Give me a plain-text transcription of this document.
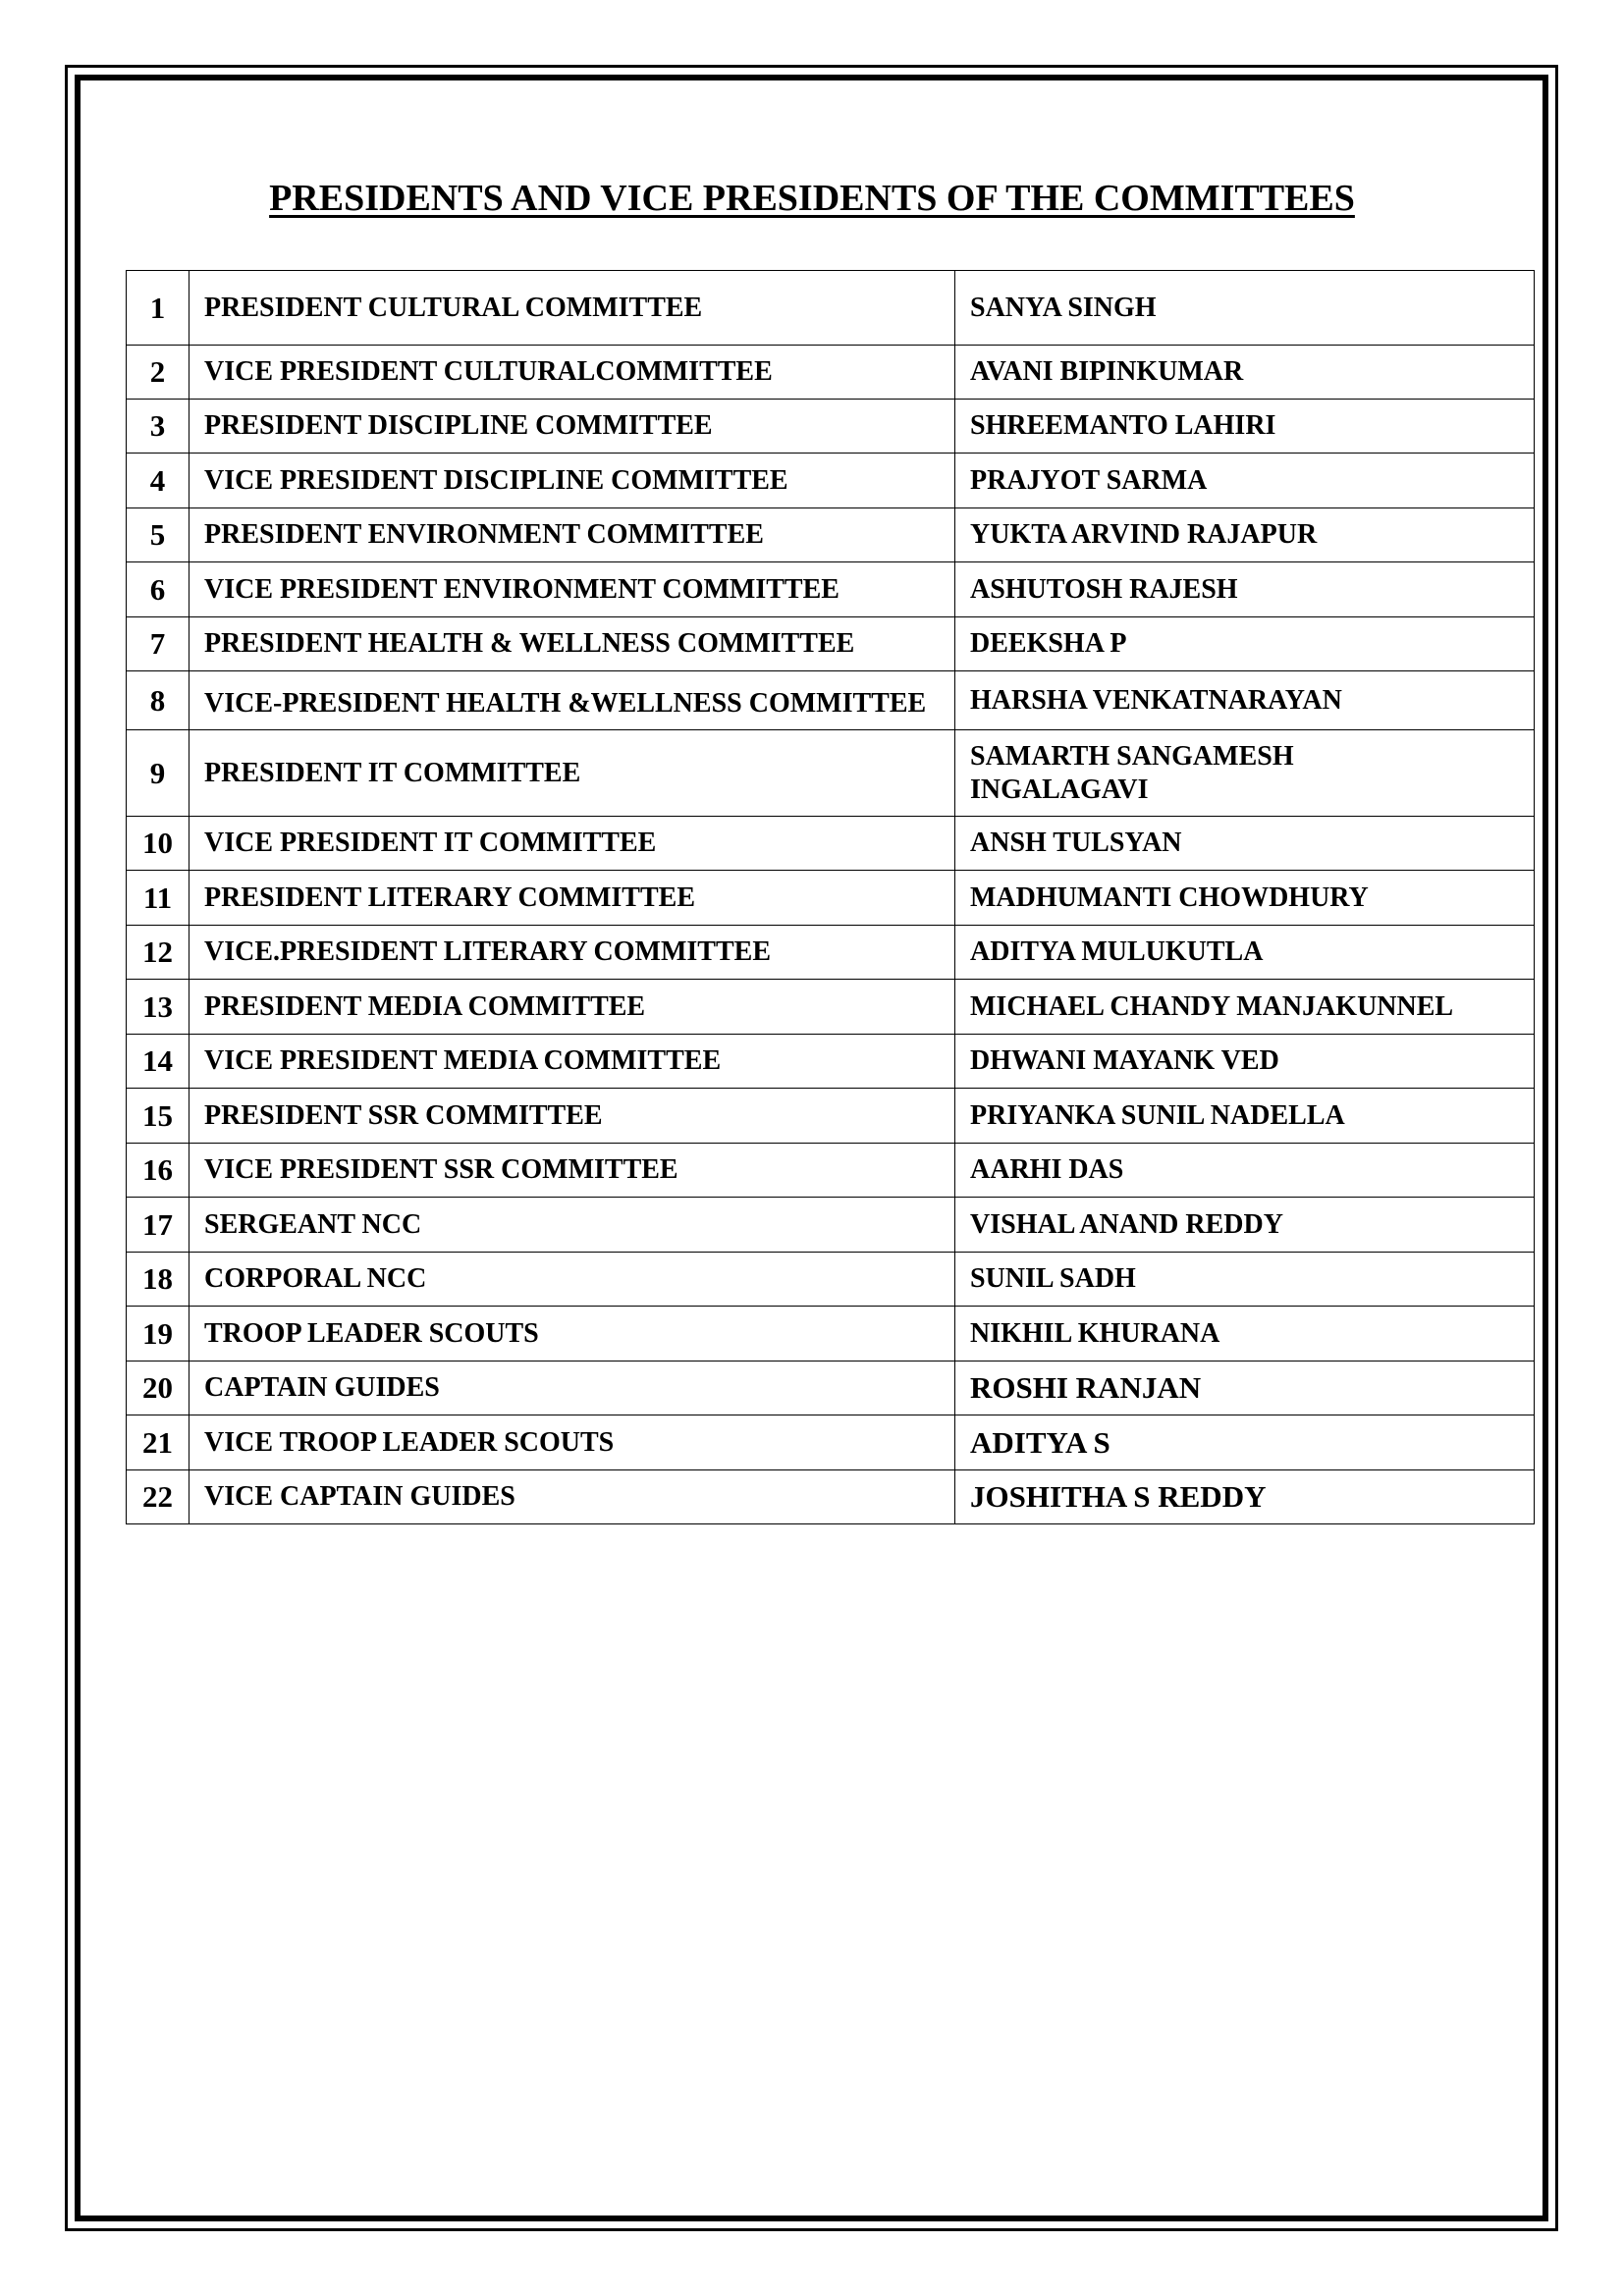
PRESIDENTS AND VICE PRESIDENTS OF THE COMMITTEES
1	PRESIDENT CULTURAL COMMITTEE	SANYA SINGH
2	VICE PRESIDENT CULTURALCOMMITTEE	AVANI BIPINKUMAR
3	PRESIDENT DISCIPLINE COMMITTEE	SHREEMANTO LAHIRI
4	VICE PRESIDENT DISCIPLINE COMMITTEE	PRAJYOT SARMA
5	PRESIDENT ENVIRONMENT COMMITTEE	YUKTA ARVIND RAJAPUR
6	VICE PRESIDENT ENVIRONMENT COMMITTEE	ASHUTOSH RAJESH
7	PRESIDENT HEALTH & WELLNESS COMMITTEE	DEEKSHA P
8	VICE-PRESIDENT HEALTH &WELLNESS COMMITTEE	HARSHA VENKATNARAYAN
9	PRESIDENT IT COMMITTEE	SAMARTH SANGAMESH INGALAGAVI
10	VICE PRESIDENT IT COMMITTEE	ANSH TULSYAN
11	PRESIDENT LITERARY COMMITTEE	MADHUMANTI CHOWDHURY
12	VICE.PRESIDENT LITERARY COMMITTEE	ADITYA MULUKUTLA
13	PRESIDENT MEDIA COMMITTEE	MICHAEL CHANDY MANJAKUNNEL
14	VICE PRESIDENT MEDIA COMMITTEE	DHWANI MAYANK VED
15	PRESIDENT SSR COMMITTEE	PRIYANKA SUNIL NADELLA
16	VICE PRESIDENT SSR COMMITTEE	AARHI DAS
17	SERGEANT NCC	VISHAL ANAND REDDY
18	CORPORAL NCC	SUNIL SADH
19	TROOP LEADER SCOUTS	NIKHIL KHURANA
20	CAPTAIN GUIDES	ROSHI RANJAN
21	VICE TROOP LEADER SCOUTS	ADITYA S
22	VICE CAPTAIN GUIDES	JOSHITHA S REDDY
